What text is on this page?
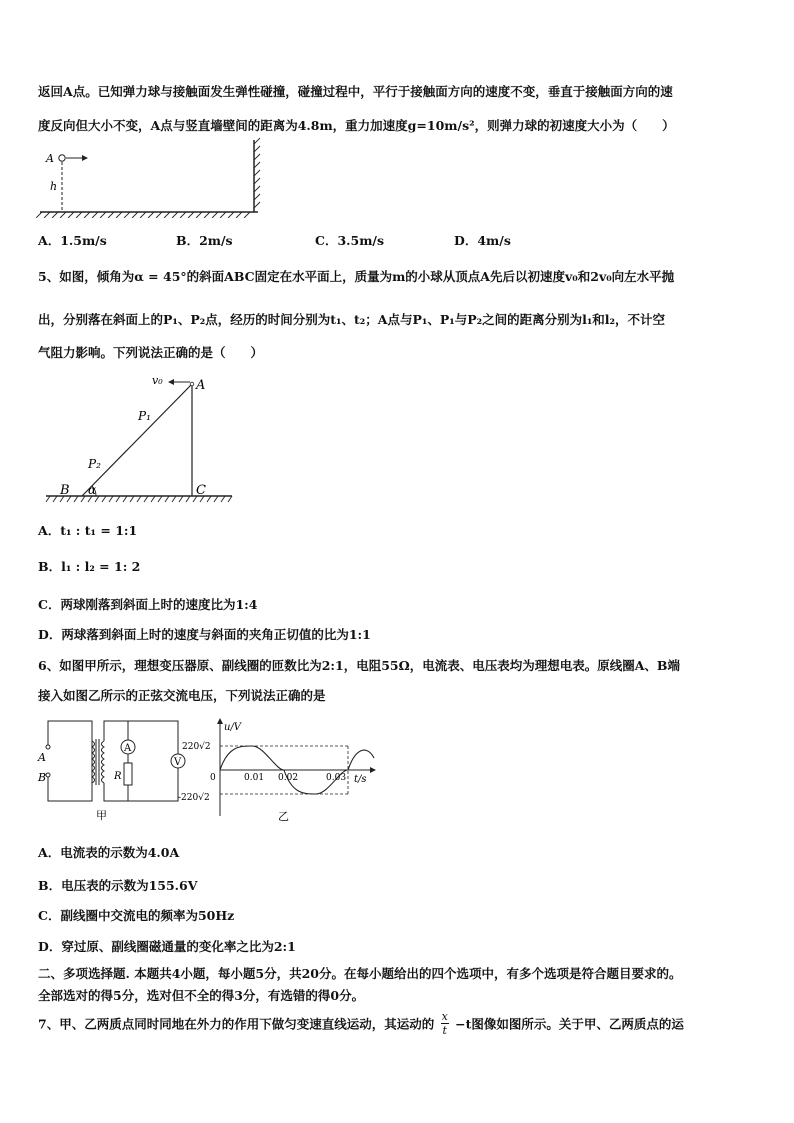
返回A点。已知弹力球与接触面发生弹性碰撞，碰撞过程中，平行于接触面方向的速度不变，垂直于接触面方向的速
度反向但大小不变，A点与竖直墙壁间的距离为4.8m，重力加速度g=10m/s²，则弹力球的初速度大小为（　　）
A
h
A．1.5m/s	B．2m/s	C．3.5m/s	D．4m/s
5、如图，倾角为α = 45°的斜面ABC固定在水平面上，质量为m的小球从顶点A先后以初速度v₀和2v₀向左水平抛
出，分别落在斜面上的P₁、P₂点，经历的时间分别为t₁、t₂；A点与P₁、P₁与P₂之间的距离分别为l₁和l₂，不计空
气阻力影响。下列说法正确的是（　　）
v₀	A
P₁
P₂
B α	C
A．t₁ : t₁ = 1:1
B．l₁ : l₂ = 1: 2
C．两球刚落到斜面上时的速度比为1:4
D．两球落到斜面上时的速度与斜面的夹角正切值的比为1:1
6、如图甲所示，理想变压器原、副线圈的匝数比为2:1，电阻55Ω，电流表、电压表均为理想电表。原线圈A、B端
接入如图乙所示的正弦交流电压，下列说法正确的是
A
V
A
B	R
甲
u/V
220√2
0
-220√2
0.01 0.02	0.03 t/s
乙
A．电流表的示数为4.0A
B．电压表的示数为155.6V
C．副线圈中交流电的频率为50Hz
D．穿过原、副线圈磁通量的变化率之比为2:1
二、多项选择题. 本题共4小题，每小题5分，共20分。在每小题给出的四个选项中，有多个选项是符合题目要求的。
全部选对的得5分，选对但不全的得3分，有选错的得0分。
7、甲、乙两质点同时同地在外力的作用下做匀变速直线运动，其运动的 $\frac{x}{t} -t$图像如图所示。关于甲、乙两质点的运
